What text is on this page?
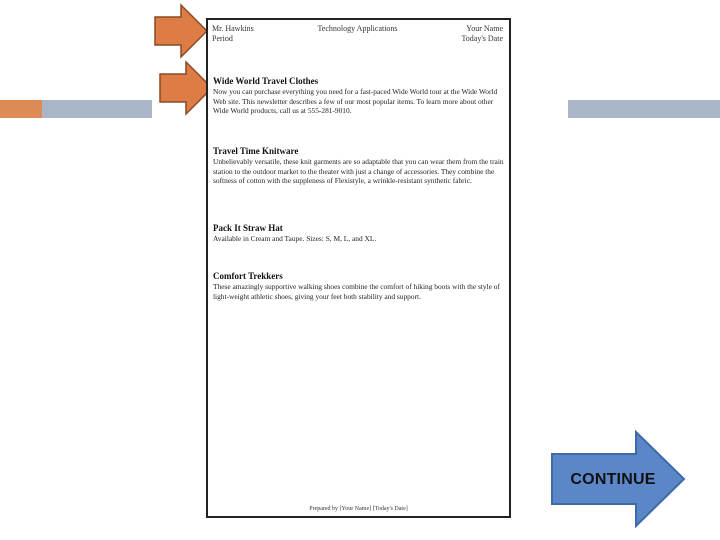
Mr. Hawkins
Period
Technology Applications	Your Name
Today's Date
Wide World Travel Clothes
Now you can purchase everything you need for a fast-paced Wide World tour at the Wide World Web site. This newsletter describes a few of our most popular items. To learn more about other Wide World products, call us at 555-281-9010.
Travel Time Knitware
Unbelievably versatile, these knit garments are so adaptable that you can wear them from the train station to the outdoor market to the theater with just a change of accessories. They combine the softness of cotton with the suppleness of Flexistyle, a wrinkle-resistant synthetic fabric.
Pack It Straw Hat
Available in Cream and Taupe. Sizes: S, M, L, and XL.
Comfort Trekkers
These amazingly supportive walking shoes combine the comfort of hiking boots with the style of light-weight athletic shoes, giving your feet both stability and support.
Prepared by [Your Name] [Today's Date]
CONTINUE
